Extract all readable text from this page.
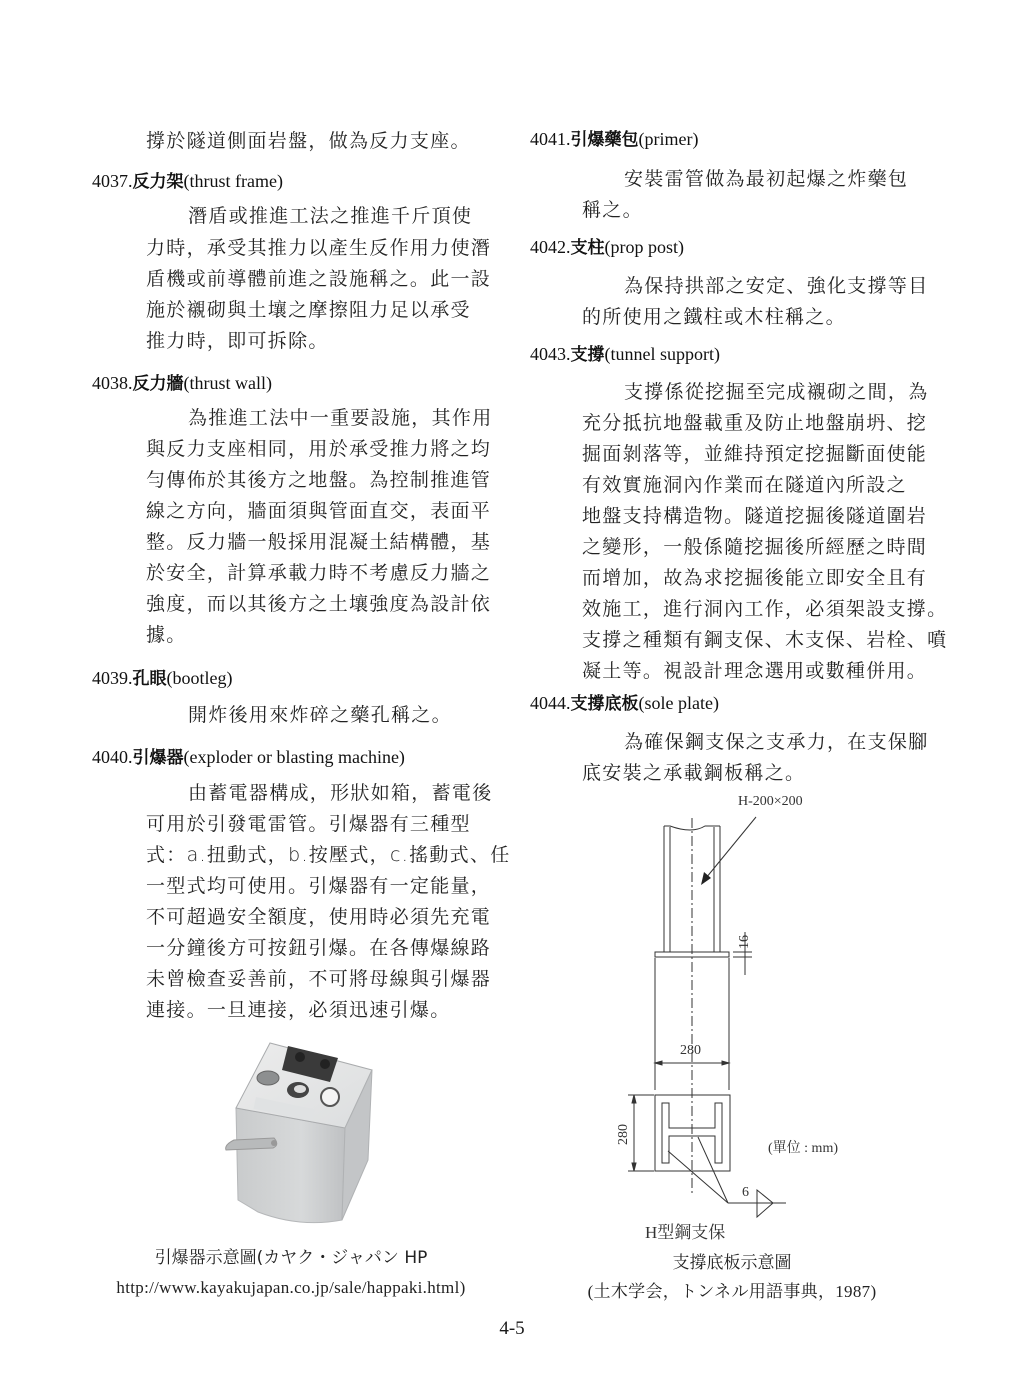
撐於隧道側面岩盤，做為反力支座。
4037.反力架(thrust frame)
潛盾或推進工法之推進千斤頂使
力時，承受其推力以產生反作用力使潛
盾機或前導體前進之設施稱之。此一設
施於襯砌與土壤之摩擦阻力足以承受
推力時，即可拆除。
4038.反力牆(thrust wall)
為推進工法中一重要設施，其作用
與反力支座相同，用於承受推力將之均
勻傳佈於其後方之地盤。為控制推進管
線之方向，牆面須與管面直交，表面平
整。反力牆一般採用混凝土結構體，基
於安全，計算承載力時不考慮反力牆之
強度，而以其後方之土壤強度為設計依
據。
4039.孔眼(bootleg)
開炸後用來炸碎之藥孔稱之。
4040.引爆器(exploder or blasting machine)
由蓄電器構成，形狀如箱，蓄電後
可用於引發電雷管。引爆器有三種型
式：a.扭動式，b.按壓式，c.搖動式、任
一型式均可使用。引爆器有一定能量，
不可超過安全額度，使用時必須先充電
一分鐘後方可按鈕引爆。在各傳爆線路
未曾檢查妥善前，不可將母線與引爆器
連接。一旦連接，必須迅速引爆。
引爆器示意圖(カヤク・ジャパン HP
http://www.kayakujapan.co.jp/sale/happaki.html)
4041.引爆藥包(primer)
安裝雷管做為最初起爆之炸藥包
稱之。
4042.支柱(prop post)
為保持拱部之安定、強化支撐等目
的所使用之鐵柱或木柱稱之。
4043.支撐(tunnel support)
支撐係從挖掘至完成襯砌之間，為
充分抵抗地盤載重及防止地盤崩坍、挖
掘面剝落等，並維持預定挖掘斷面使能
有效實施洞內作業而在隧道內所設之
地盤支持構造物。隧道挖掘後隧道圍岩
之變形，一般係隨挖掘後所經歷之時間
而增加，故為求挖掘後能立即安全且有
效施工，進行洞內工作，必須架設支撐。
支撐之種類有鋼支保、木支保、岩栓、噴
凝土等。視設計理念選用或數種併用。
4044.支撐底板(sole plate)
為確保鋼支保之支承力，在支保腳
底安裝之承載鋼板稱之。
H-200×200
16
280
280
(單位 : mm)
6
H型鋼支保
支撐底板示意圖
(土木学会，トンネル用語事典，1987)
4-5
